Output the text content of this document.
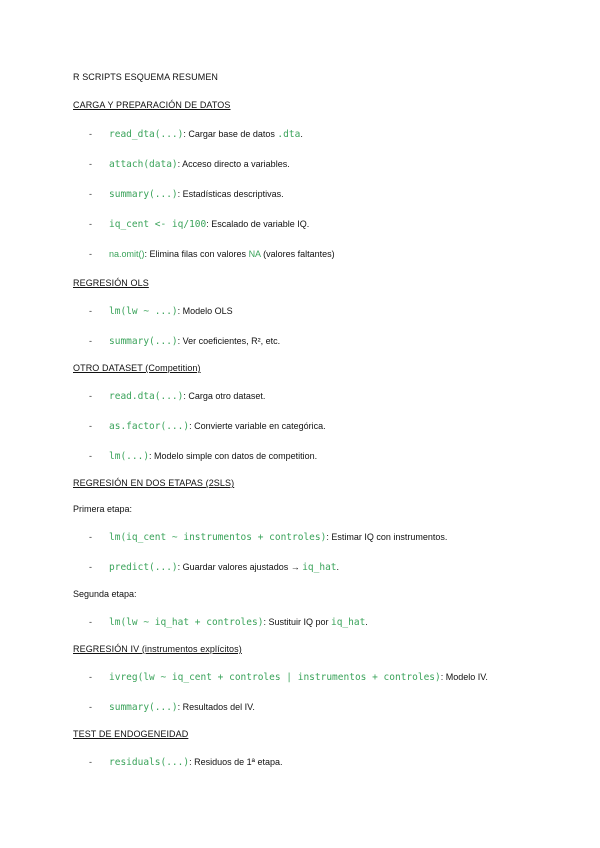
R SCRIPTS ESQUEMA RESUMEN

CARGA Y PREPARACIÓN DE DATOS

- read_dta(...): Cargar base de datos .dta.
- attach(data): Acceso directo a variables.
- summary(...): Estadísticas descriptivas.
- iq_cent <- iq/100: Escalado de variable IQ.
- na.omit(): Elimina filas con valores NA (valores faltantes)

REGRESIÓN OLS

- lm(lw ~ ...): Modelo OLS
- summary(...): Ver coeficientes, R², etc.

OTRO DATASET (Competition)

- read.dta(...): Carga otro dataset.
- as.factor(...): Convierte variable en categórica.
- lm(...): Modelo simple con datos de competition.

REGRESIÓN EN DOS ETAPAS (2SLS)

Primera etapa:

- lm(iq_cent ~ instrumentos + controles): Estimar IQ con instrumentos.
- predict(...): Guardar valores ajustados → iq_hat.

Segunda etapa:

- lm(lw ~ iq_hat + controles): Sustituir IQ por iq_hat.

REGRESIÓN IV (instrumentos explícitos)

- ivreg(lw ~ iq_cent + controles | instrumentos + controles): Modelo IV.
- summary(...): Resultados del IV.

TEST DE ENDOGENEIDAD

- residuals(...): Residuos de 1ª etapa.
